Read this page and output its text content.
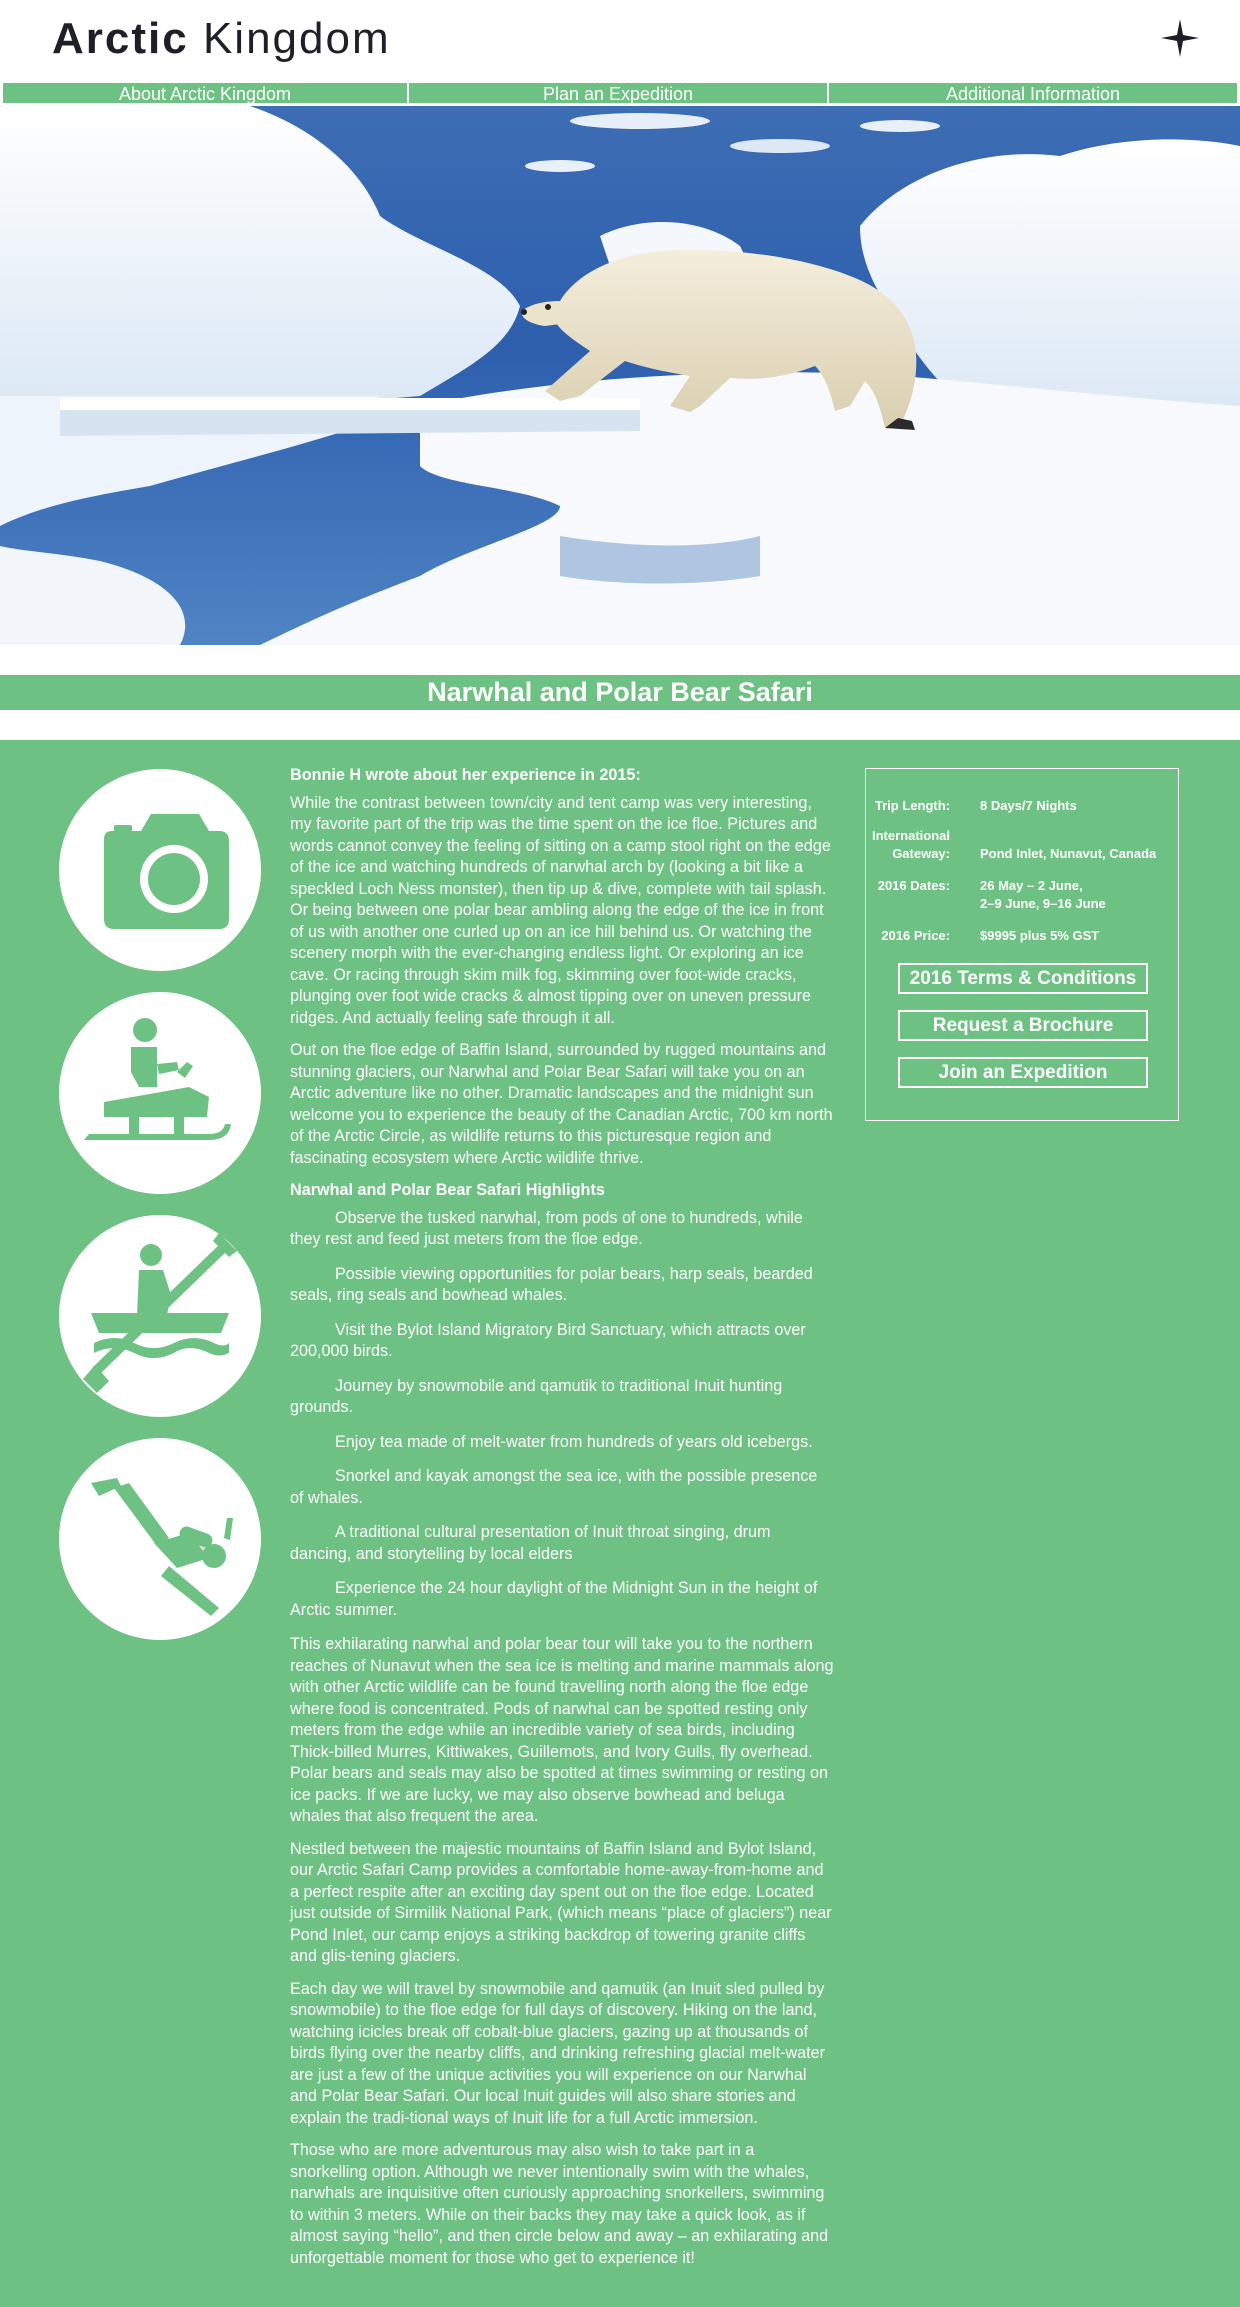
Arctic Kingdom
About Arctic Kingdom	Plan an Expedition	Additional Information
Narwhal and Polar Bear Safari
Bonnie H wrote about her experience in 2015:

While the contrast between town/city and tent camp was very interesting, my favorite part of the trip was the time spent on the ice floe. Pictures and words cannot convey the feeling of sitting on a camp stool right on the edge of the ice and watching hundreds of narwhal arch by (looking a bit like a speckled Loch Ness monster), then tip up & dive, complete with tail splash. Or being between one polar bear ambling along the edge of the ice in front of us with another one curled up on an ice hill behind us. Or watching the scenery morph with the ever-changing endless light. Or exploring an ice cave. Or racing through skim milk fog, skimming over foot-wide cracks, plunging over foot wide cracks & almost tipping over on uneven pressure ridges. And actually feeling safe through it all.

Out on the floe edge of Baffin Island, surrounded by rugged mountains and stunning glaciers, our Narwhal and Polar Bear Safari will take you on an Arctic adventure like no other. Dramatic landscapes and the midnight sun welcome you to experience the beauty of the Canadian Arctic, 700 km north of the Arctic Circle, as wildlife returns to this picturesque region and fascinating ecosystem where Arctic wildlife thrive.

Narwhal and Polar Bear Safari Highlights

Observe the tusked narwhal, from pods of one to hundreds, while they rest and feed just meters from the floe edge.

Possible viewing opportunities for polar bears, harp seals, bearded seals, ring seals and bowhead whales.

Visit the Bylot Island Migratory Bird Sanctuary, which attracts over 200,000 birds.

Journey by snowmobile and qamutik to traditional Inuit hunting grounds.

Enjoy tea made of melt-water from hundreds of years old icebergs.

Snorkel and kayak amongst the sea ice, with the possible presence of whales.

A traditional cultural presentation of Inuit throat singing, drum dancing, and storytelling by local elders

Experience the 24 hour daylight of the Midnight Sun in the height of Arctic summer.

This exhilarating narwhal and polar bear tour will take you to the northern reaches of Nunavut when the sea ice is melting and marine mammals along with other Arctic wildlife can be found travelling north along the floe edge where food is concentrated. Pods of narwhal can be spotted resting only meters from the edge while an incredible variety of sea birds, including Thick-billed Murres, Kittiwakes, Guillemots, and Ivory Gulls, fly overhead. Polar bears and seals may also be spotted at times swimming or resting on ice packs. If we are lucky, we may also observe bowhead and beluga whales that also frequent the area.

Nestled between the majestic mountains of Baffin Island and Bylot Island, our Arctic Safari Camp provides a comfortable home-away-from-home and a perfect respite after an exciting day spent out on the floe edge. Located just outside of Sirmilik National Park, (which means “place of glaciers”) near Pond Inlet, our camp enjoys a striking backdrop of towering granite cliffs and glis-tening glaciers.

Each day we will travel by snowmobile and qamutik (an Inuit sled pulled by snowmobile) to the floe edge for full days of discovery. Hiking on the land, watching icicles break off cobalt-blue glaciers, gazing up at thousands of birds flying over the nearby cliffs, and drinking refreshing glacial melt-water are just a few of the unique activities you will experience on our Narwhal and Polar Bear Safari. Our local Inuit guides will also share stories and explain the tradi-tional ways of Inuit life for a full Arctic immersion.

Those who are more adventurous may also wish to take part in a snorkelling option. Although we never intentionally swim with the whales, narwhals are inquisitive often curiously approaching snorkellers, swimming to within 3 meters. While on their backs they may take a quick look, as if almost saying “hello”, and then circle below and away – an exhilarating and unforgettable moment for those who get to experience it!

Trip Length: 8 Days/7 Nights
International
Gateway: Pond Inlet, Nunavut, Canada
2016 Dates: 26 May – 2 June,
2–9 June, 9–16 June
2016 Price: $9995 plus 5% GST
2016 Terms & Conditions
Request a Brochure
Join an Expedition
